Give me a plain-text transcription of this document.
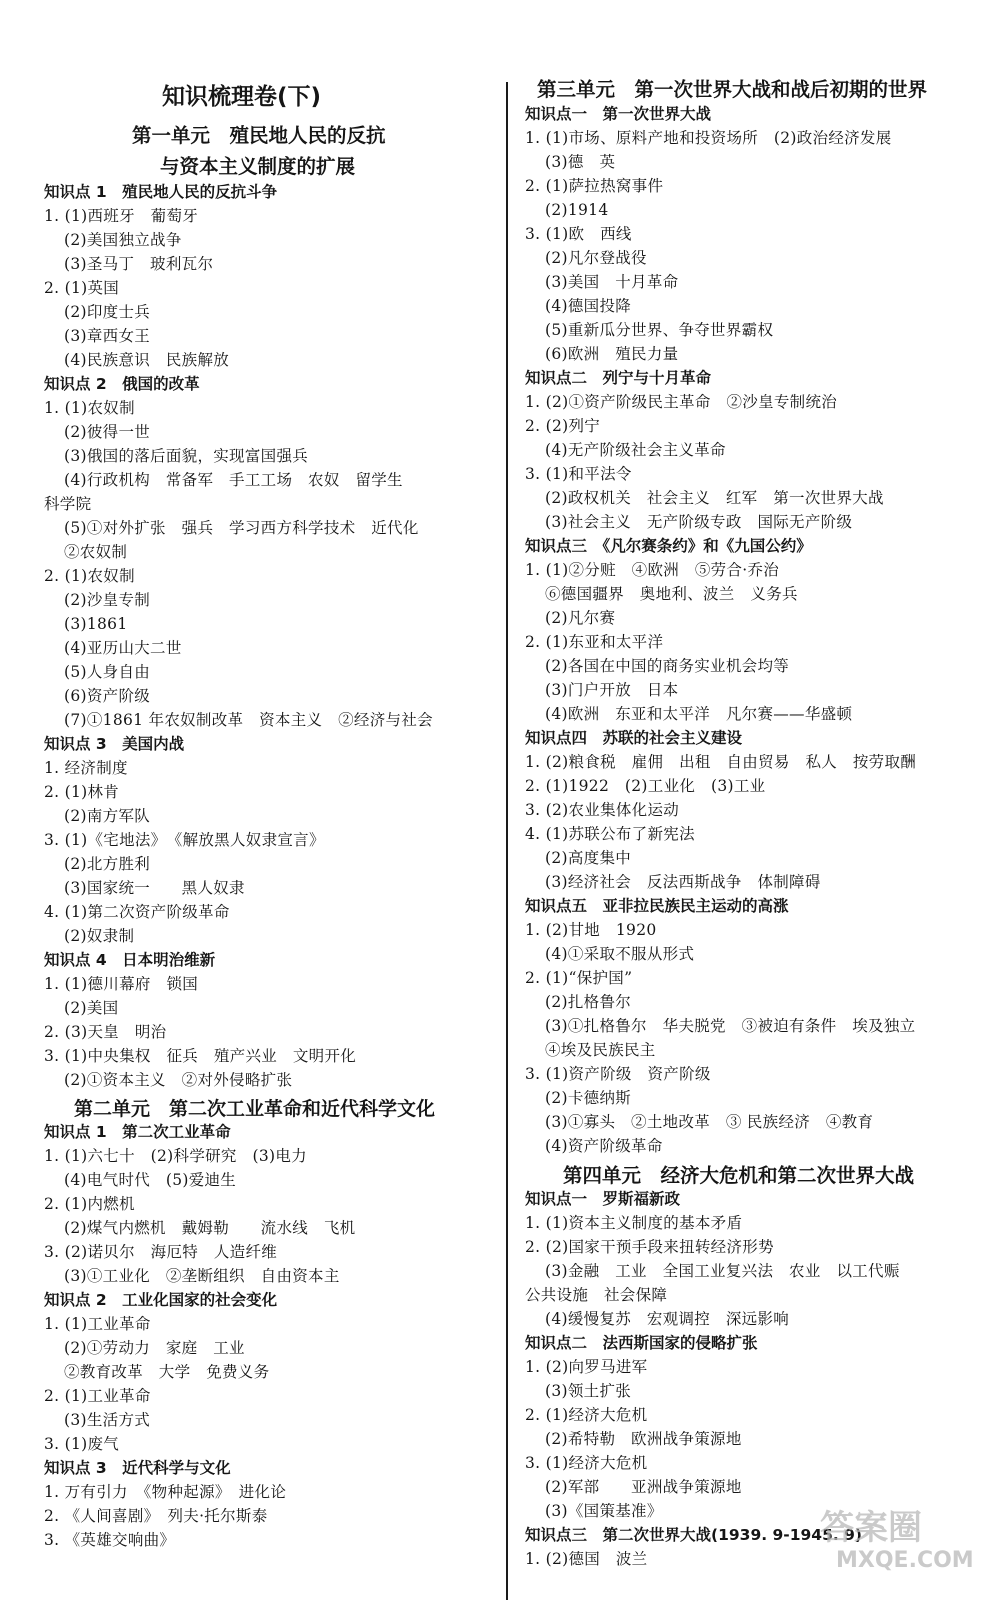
知识梳理卷(下)
第一单元　殖民地人民的反抗
与资本主义制度的扩展
知识点 1　殖民地人民的反抗斗争
1. (1)西班牙　葡萄牙
(2)美国独立战争
(3)圣马丁　玻利瓦尔
2. (1)英国
(2)印度士兵
(3)章西女王
(4)民族意识　民族解放
知识点 2　俄国的改革
1. (1)农奴制
(2)彼得一世
(3)俄国的落后面貌，实现富国强兵
(4)行政机构　常备军　手工工场　农奴　留学生
科学院
(5)①对外扩张　强兵　学习西方科学技术　近代化
②农奴制
2. (1)农奴制
(2)沙皇专制
(3)1861
(4)亚历山大二世
(5)人身自由
(6)资产阶级
(7)①1861 年农奴制改革　资本主义　②经济与社会
知识点 3　美国内战
1. 经济制度
2. (1)林肯
(2)南方军队
3. (1)《宅地法》　《解放黑人奴隶宣言》
(2)北方胜利
(3)国家统一　　黑人奴隶
4. (1)第二次资产阶级革命
(2)奴隶制
知识点 4　日本明治维新
1. (1)德川幕府　锁国
(2)美国
2. (3)天皇　明治
3. (1)中央集权　征兵　殖产兴业　文明开化
(2)①资本主义　②对外侵略扩张
第二单元　第二次工业革命和近代科学文化
知识点 1　第二次工业革命
1. (1)六七十　(2)科学研究　(3)电力
(4)电气时代　(5)爱迪生
2. (1)内燃机
(2)煤气内燃机　戴姆勒　　流水线　飞机
3. (2)诺贝尔　海厄特　人造纤维
(3)①工业化　②垄断组织　自由资本主
知识点 2　工业化国家的社会变化
1. (1)工业革命
(2)①劳动力　家庭　工业
②教育改革　大学　免费义务
2. (1)工业革命
(3)生活方式
3. (1)废气
知识点 3　近代科学与文化
1. 万有引力　《物种起源》　进化论
2. 《人间喜剧》　列夫·托尔斯泰
3. 《英雄交响曲》
第三单元　第一次世界大战和战后初期的世界
知识点一　第一次世界大战
1. (1)市场、原料产地和投资场所　(2)政治经济发展
(3)德　英
2. (1)萨拉热窝事件
(2)1914
3. (1)欧　西线
(2)凡尔登战役
(3)美国　十月革命
(4)德国投降
(5)重新瓜分世界、争夺世界霸权
(6)欧洲　殖民力量
知识点二　列宁与十月革命
1. (2)①资产阶级民主革命　②沙皇专制统治
2. (2)列宁
(4)无产阶级社会主义革命
3. (1)和平法令
(2)政权机关　社会主义　红军　第一次世界大战
(3)社会主义　无产阶级专政　国际无产阶级
知识点三　《凡尔赛条约》和《九国公约》
1. (1)②分赃　④欧洲　⑤劳合·乔治
⑥德国疆界　奥地利、波兰　义务兵
(2)凡尔赛
2. (1)东亚和太平洋
(2)各国在中国的商务实业机会均等
(3)门户开放　日本
(4)欧洲　东亚和太平洋　凡尔赛——华盛顿
知识点四　苏联的社会主义建设
1. (2)粮食税　雇佣　出租　自由贸易　私人　按劳取酬
2. (1)1922　(2)工业化　(3)工业
3. (2)农业集体化运动
4. (1)苏联公布了新宪法
(2)高度集中
(3)经济社会　反法西斯战争　体制障碍
知识点五　亚非拉民族民主运动的高涨
1. (2)甘地　1920
(4)①采取不服从形式
2. (1)“保护国”
(2)扎格鲁尔
(3)①扎格鲁尔　华夫脱党　③被迫有条件　埃及独立
④埃及民族民主
3. (1)资产阶级　资产阶级
(2)卡德纳斯
(3)①寡头　②土地改革　③ 民族经济　④教育
(4)资产阶级革命
第四单元　经济大危机和第二次世界大战
知识点一　罗斯福新政
1. (1)资本主义制度的基本矛盾
2. (2)国家干预手段来扭转经济形势
(3)金融　工业　全国工业复兴法　农业　以工代赈
公共设施　社会保障
(4)缓慢复苏　宏观调控　深远影响
知识点二　法西斯国家的侵略扩张
1. (2)向罗马进军
(3)领土扩张
2. (1)经济大危机
(2)希特勒　欧洲战争策源地
3. (1)经济大危机
(2)军部　　亚洲战争策源地
(3)《国策基准》
知识点三　第二次世界大战(1939. 9-1945. 9)
1. (2)德国　波兰
答案圈
MXQE.COM
